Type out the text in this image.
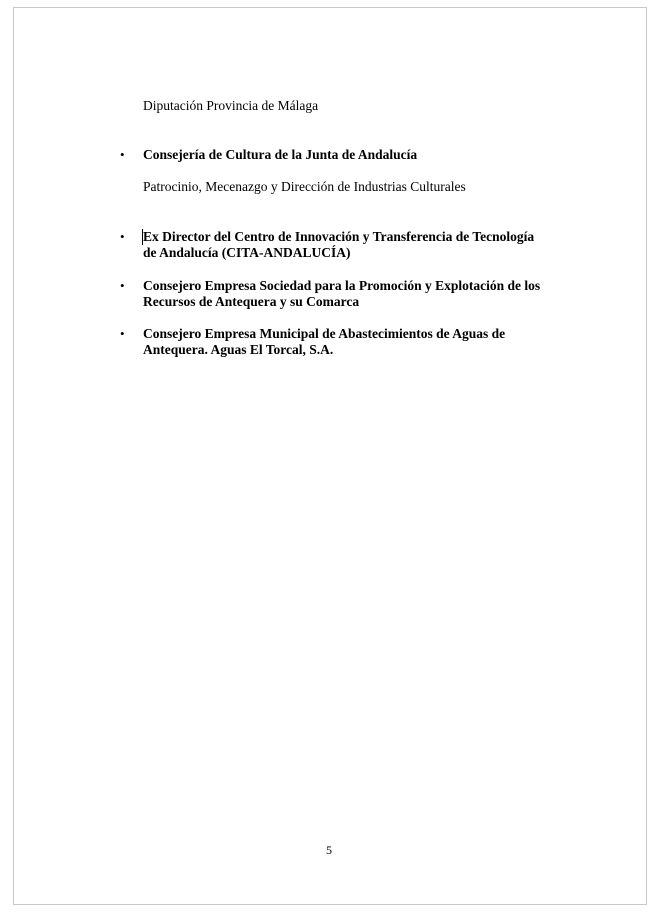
Diputación Provincia de Málaga

•	Consejería de Cultura de la Junta de Andalucía

Patrocinio, Mecenazgo y Dirección de Industrias Culturales

•	Ex Director del Centro de Innovación y Transferencia de Tecnología

de Andalucía (CITA-ANDALUCÍA)

•	Consejero Empresa Sociedad para la Promoción y Explotación de los

Recursos de Antequera y su Comarca

•	Consejero Empresa Municipal de Abastecimientos de Aguas de

Antequera. Aguas El Torcal, S.A.

5
